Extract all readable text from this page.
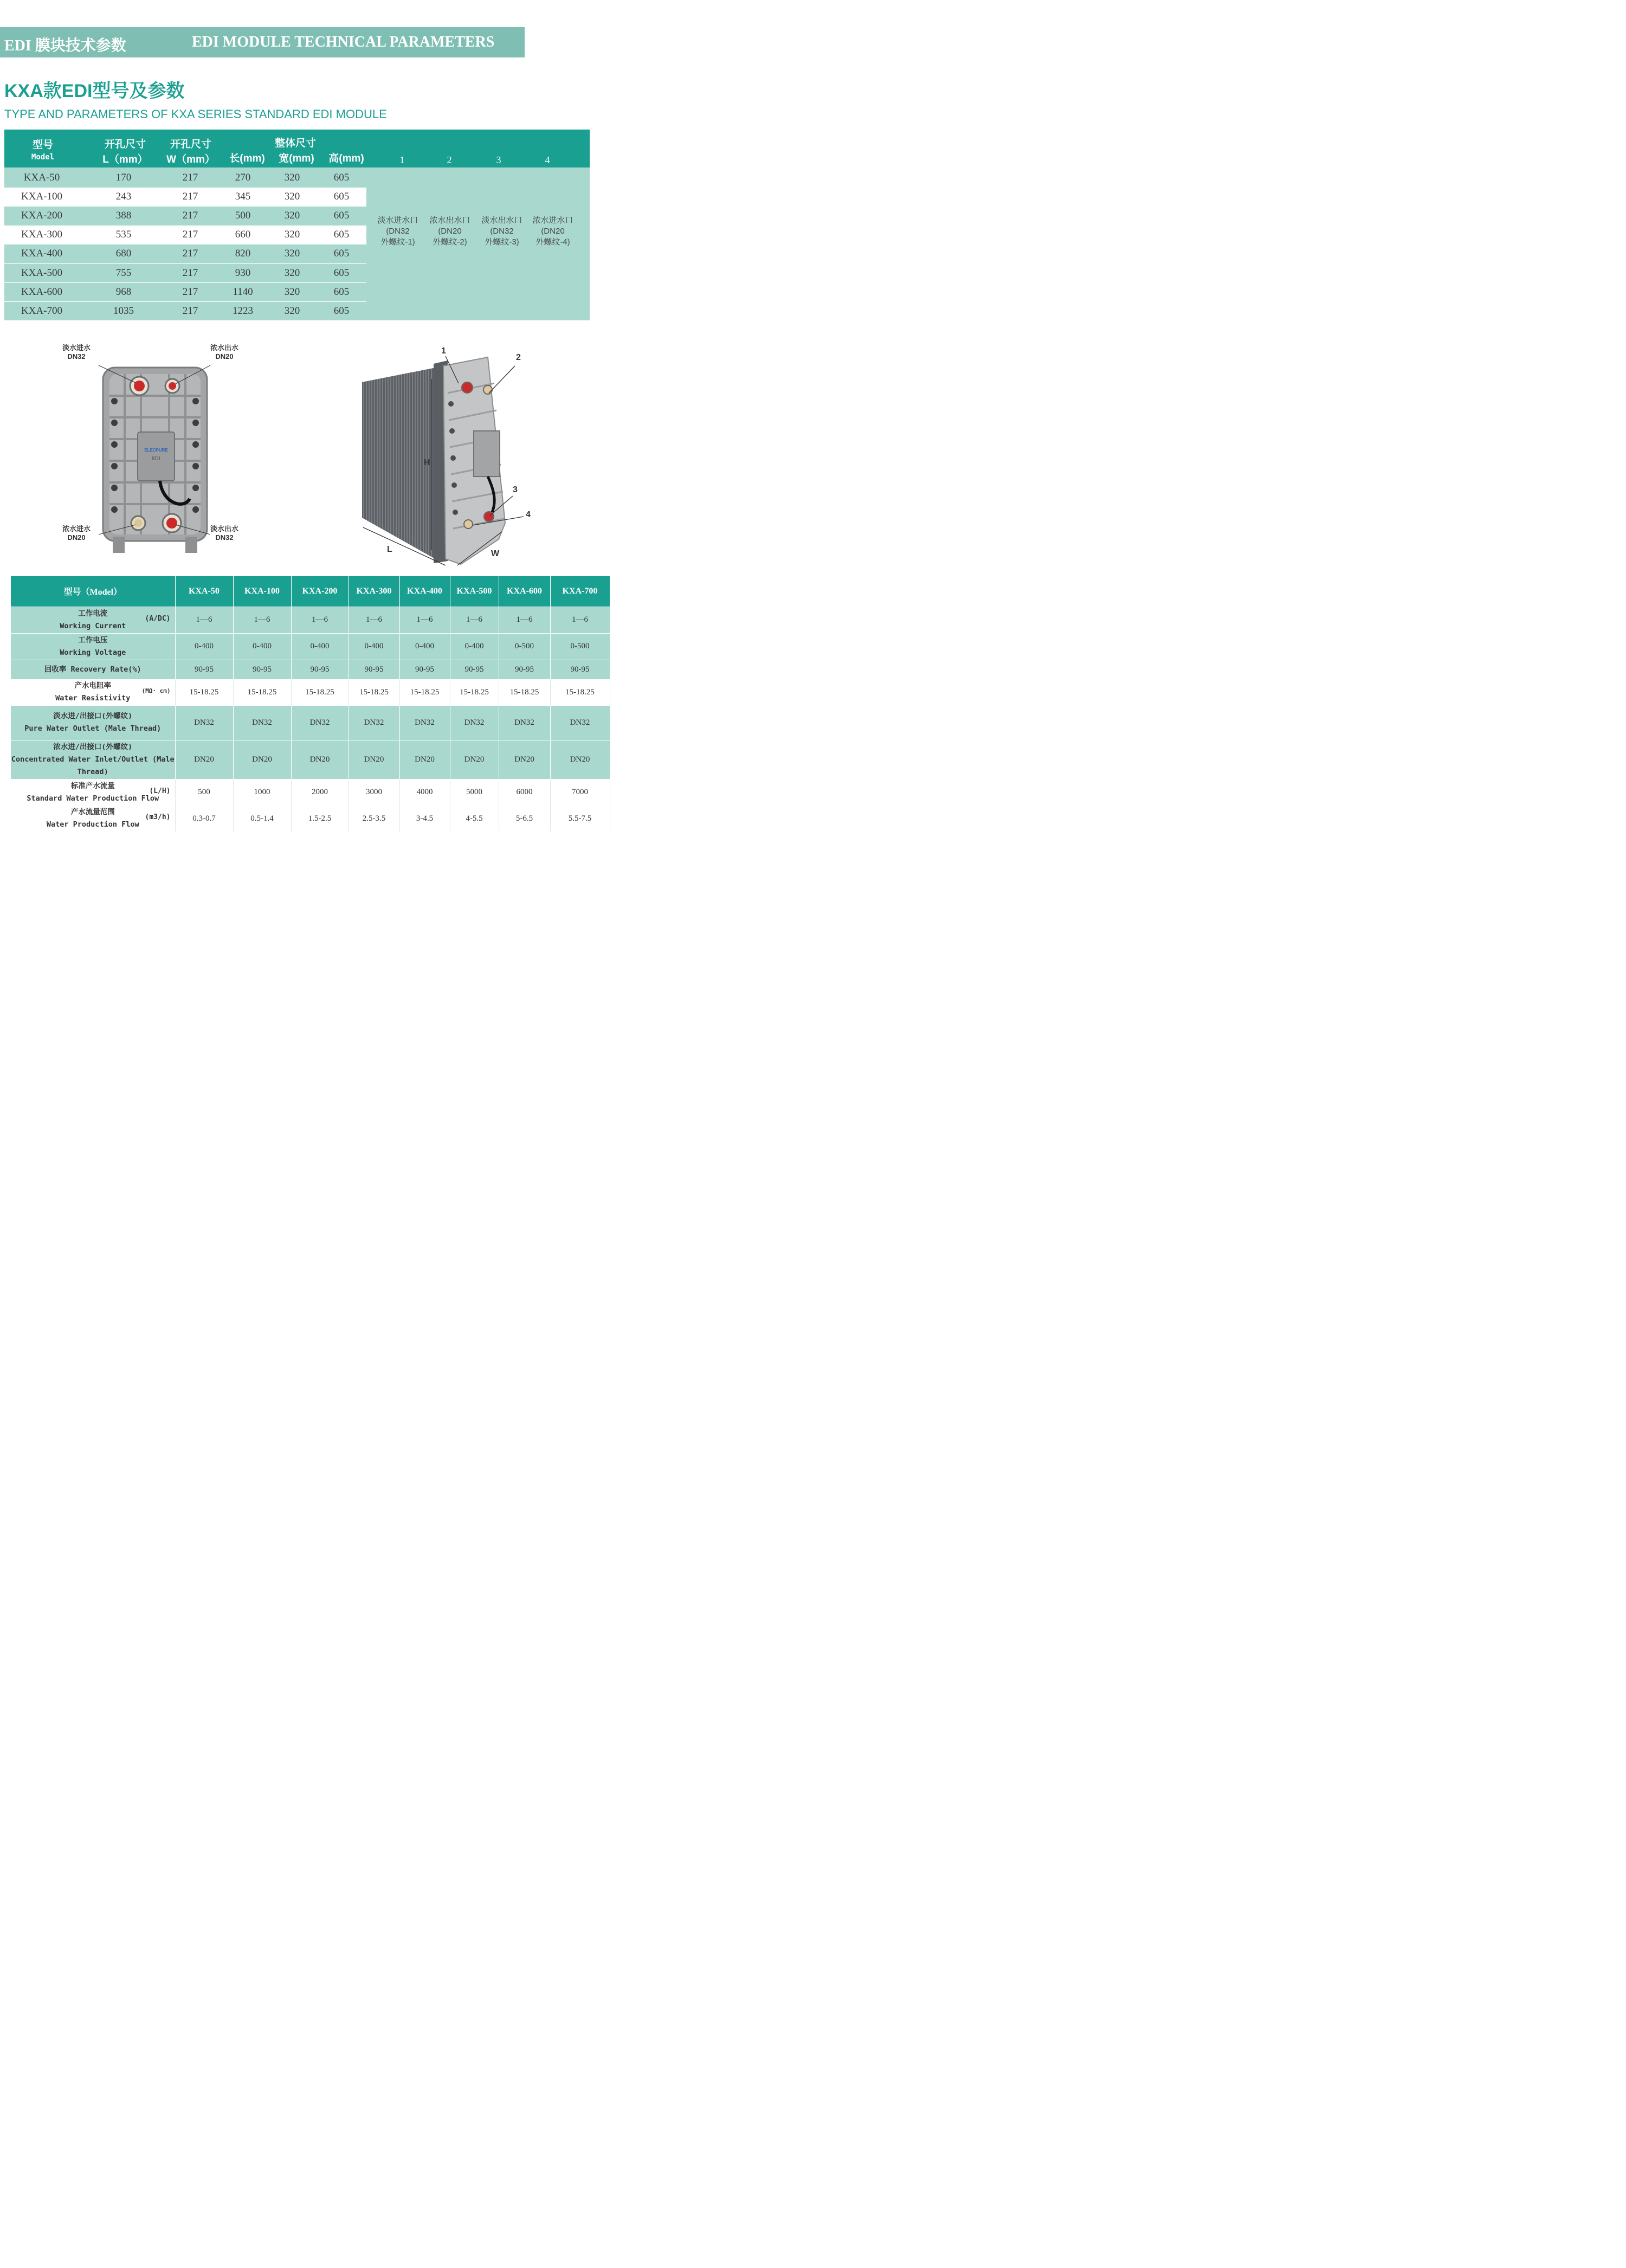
EDI 膜块技术参数	EDI MODULE TECHNICAL PARAMETERS
KXA款EDI型号及参数
TYPE AND PARAMETERS OF KXA SERIES STANDARD EDI MODULE
型号
Model
开孔尺寸
L（mm）
开孔尺寸
W（mm）
整体尺寸
长(mm) 宽(mm) 高(mm)	1	2	3	4
KXA-50	170	217	270	320	605
KXA-100	243	217	345	320	605
KXA-200	388	217	500	320	605
KXA-300	535	217	660	320	605
KXA-400	680	217	820	320	605
KXA-500	755	217	930	320	605
KXA-600	968	217	1140	320	605
KXA-700	1035	217	1223	320	605
淡水进水口
(DN32
外螺纹-1)
浓水出水口
(DN20
外螺纹-2)
淡水出水口
(DN32
外螺纹-3)
浓水进水口
(DN20
外螺纹-4)
ELECPURE
EDI
淡水进水
DN32
浓水出水
DN20
浓水进水
DN20
淡水出水
DN32
1
2
3
4
H
L	W
型号（Model）	KXA-50	KXA-100	KXA-200	KXA-300	KXA-400	KXA-500	KXA-600	KXA-700

工作电流
Working Current
(A/DC)	1—6	1—6	1—6	1—6	1—6	1—6	1—6	1—6

工作电压
Working Voltage	0-400	0-400	0-400	0-400	0-400	0-400	0-500	0-500

回收率 Recovery Rate(%)	90-95	90-95	90-95	90-95	90-95	90-95	90-95	90-95

产水电阻率
Water Resistivity
(MΩ· cm)	15-18.25	15-18.25	15-18.25	15-18.25	15-18.25	15-18.25	15-18.25	15-18.25

淡水进/出接口(外螺纹)
Pure Water Outlet (Male Thread)	DN32	DN32	DN32	DN32	DN32	DN32	DN32	DN32

浓水进/出接口(外螺纹)
Concentrated Water Inlet/Outlet (Male Thread)	DN20	DN20	DN20	DN20	DN20	DN20	DN20	DN20

标准产水流量
Standard Water Production Flow
(L/H)	500	1000	2000	3000	4000	5000	6000	7000

产水流量范围
Water Production Flow
(m3/h)	0.3-0.7	0.5-1.4	1.5-2.5	2.5-3.5	3-4.5	4-5.5	5-6.5	5.5-7.5
